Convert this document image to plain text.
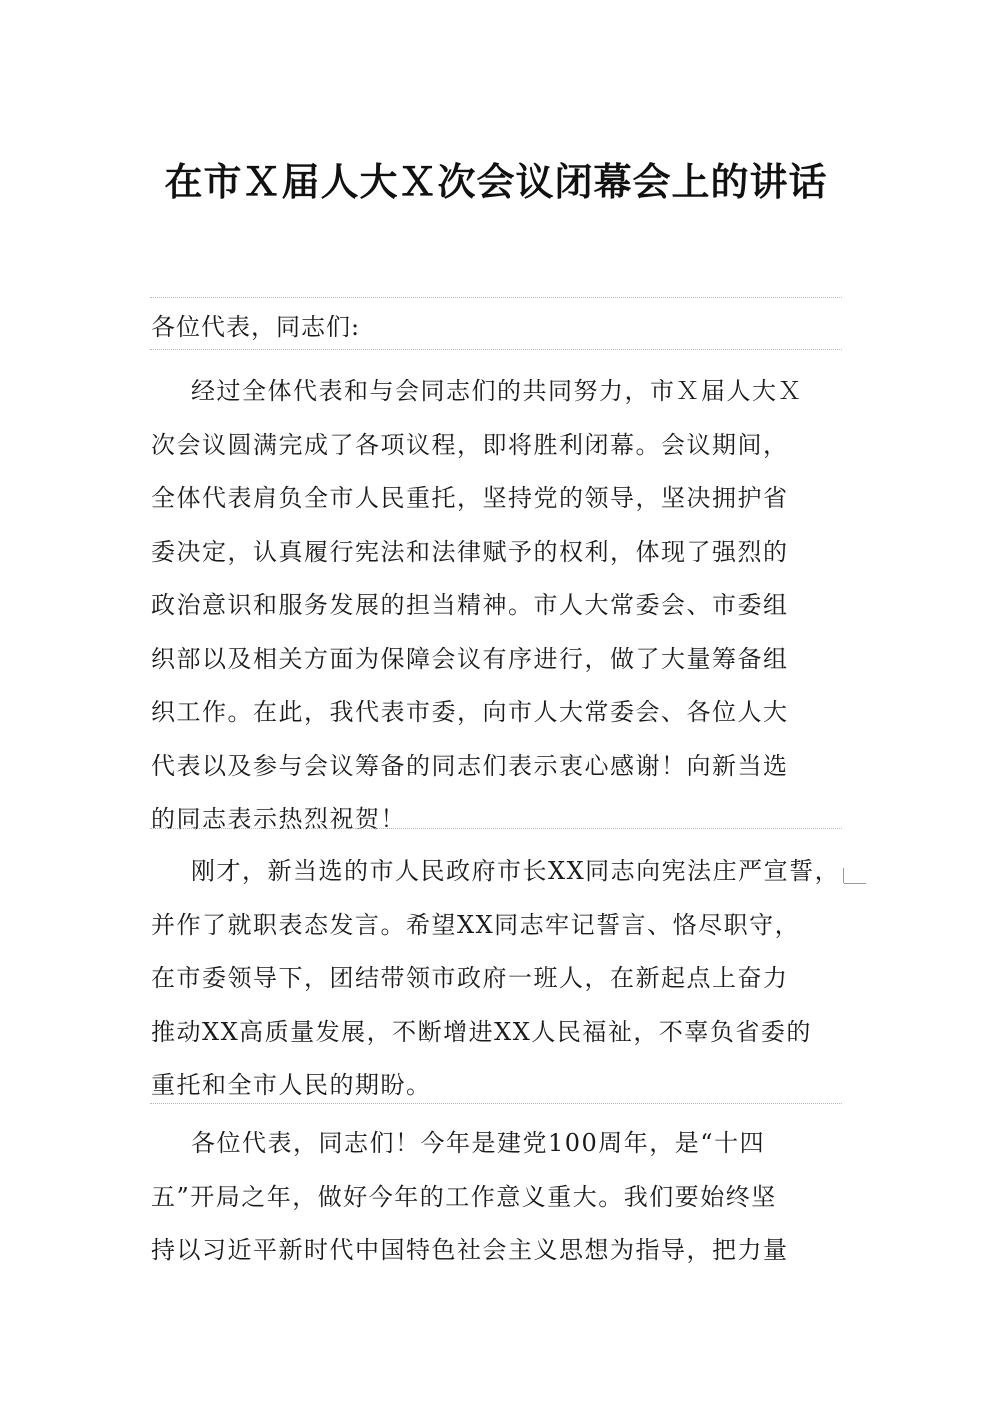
在市Ｘ届人大Ｘ次会议闭幕会上的讲话

各位代表，同志们:

经过全体代表和与会同志们的共同努力，市Ｘ届人大Ｘ
次会议圆满完成了各项议程，即将胜利闭幕。会议期间，
全体代表肩负全市人民重托，坚持党的领导，坚决拥护省
委决定，认真履行宪法和法律赋予的权利，体现了强烈的
政治意识和服务发展的担当精神。市人大常委会、市委组
织部以及相关方面为保障会议有序进行，做了大量筹备组
织工作。在此，我代表市委，向市人大常委会、各位人大
代表以及参与会议筹备的同志们表示衷心感谢！向新当选
的同志表示热烈祝贺！

刚才，新当选的市人民政府市长XX同志向宪法庄严宣誓，
并作了就职表态发言。希望XX同志牢记誓言、恪尽职守，
在市委领导下，团结带领市政府一班人，在新起点上奋力
推动XX高质量发展，不断增进XX人民福祉，不辜负省委的
重托和全市人民的期盼。

各位代表，同志们！今年是建党100周年，是“十四
五”开局之年，做好今年的工作意义重大。我们要始终坚
持以习近平新时代中国特色社会主义思想为指导，把力量
